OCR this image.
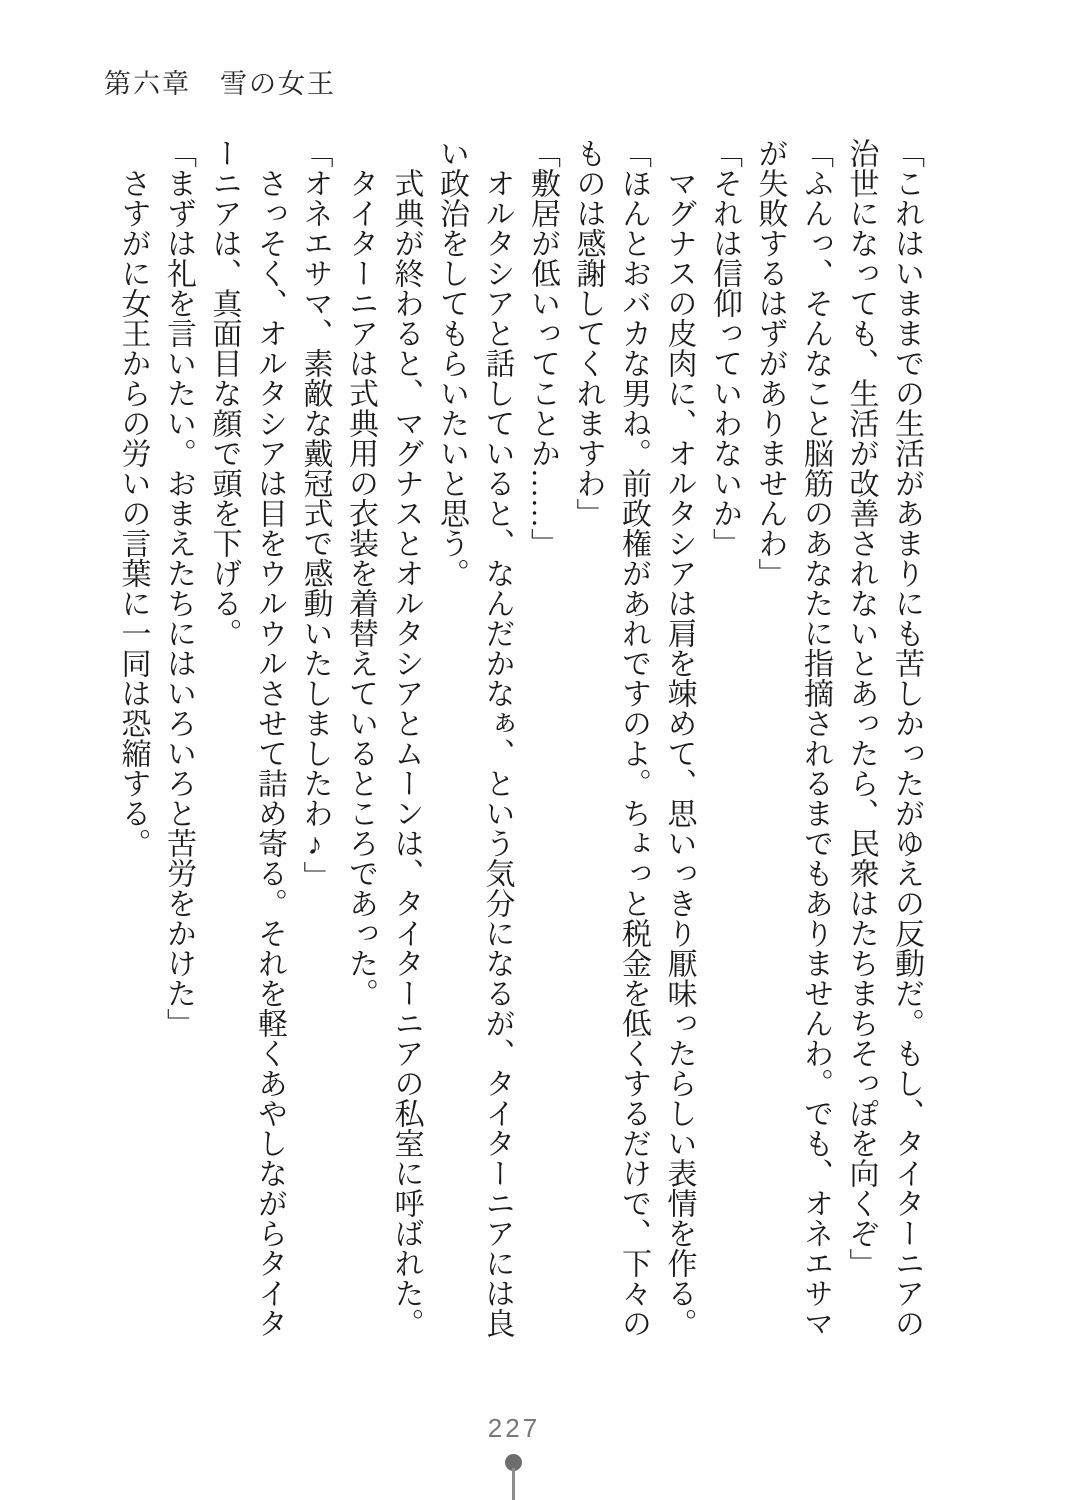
第六章　雪の女王

「これはいままでの生活があまりにも苦しかったがゆえの反動だ。もし、タイターニアの治世になっても、生活が改善されないとあったら、民衆はたちまちそっぽを向くぞ」

「ふんっ、そんなこと脳筋のあなたに指摘されるまでもありませんわ。でも、オネエサマが失敗するはずがありませんわ」

「それは信仰っていわないか」

マグナスの皮肉に、オルタシアは肩を竦めて、思いっきり厭味ったらしい表情を作る。

「ほんとおバカな男ね。前政権があれですのよ。ちょっと税金を低くするだけで、下々のものは感謝してくれますわ」

「敷居が低いってことか……」

オルタシアと話していると、なんだかなぁ、という気分になるが、タイターニアには良い政治をしてもらいたいと思う。

式典が終わると、マグナスとオルタシアとムーンは、タイターニアの私室に呼ばれた。

タイターニアは式典用の衣装を着替えているところであった。

「オネエサマ、素敵な戴冠式で感動いたしましたわ♪」

さっそく、オルタシアは目をウルウルさせて詰め寄る。それを軽くあやしながらタイターニアは、真面目な顔で頭を下げる。

「まずは礼を言いたい。おまえたちにはいろいろと苦労をかけた」

さすがに女王からの労いの言葉に一同は恐縮する。

227
